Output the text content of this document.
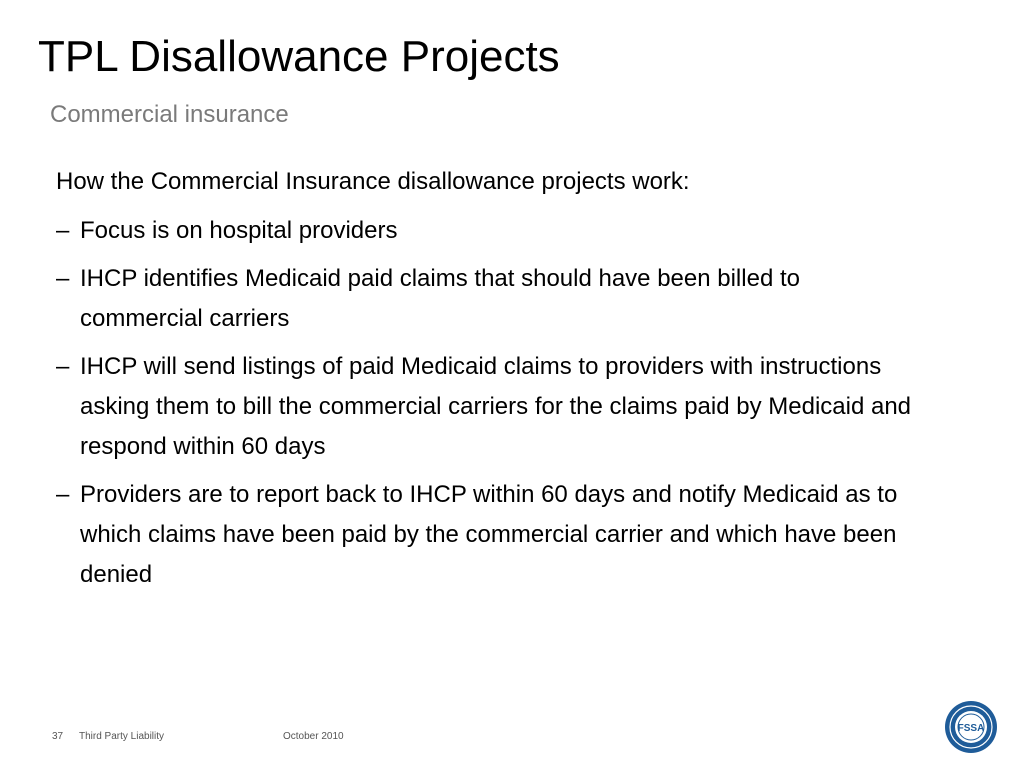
TPL Disallowance Projects
Commercial insurance
How the Commercial Insurance disallowance projects work:
– Focus is on hospital providers
– IHCP identifies Medicaid paid claims that should have been billed to commercial carriers
– IHCP will send listings of paid Medicaid claims to providers with instructions asking them to bill the commercial carriers for the claims paid by Medicaid and respond within 60 days
– Providers are to report back to IHCP within 60 days and notify Medicaid as to which claims have been paid by the commercial carrier and which have been denied
37 Third Party Liability	October 2010
FSSA
